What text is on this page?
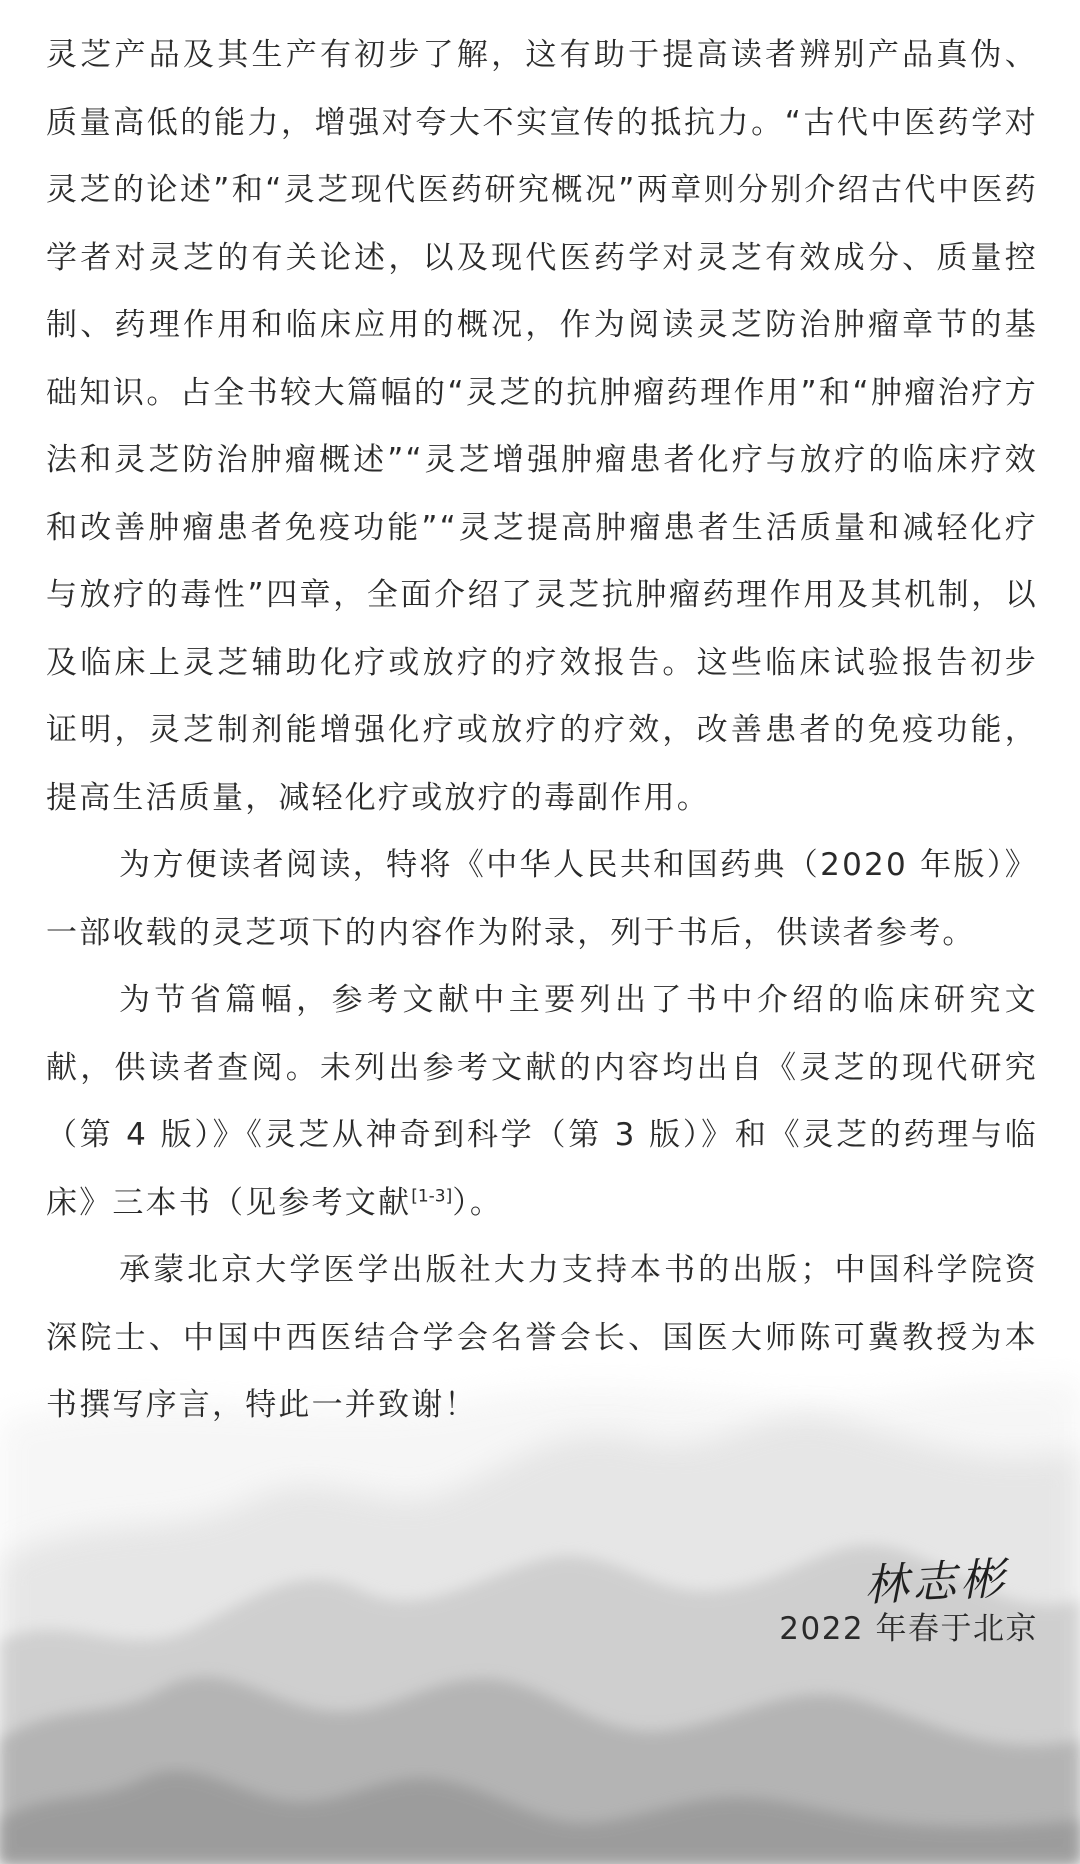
灵芝产品及其生产有初步了解，这有助于提高读者辨别产品真伪、质量高低的能力，增强对夸大不实宣传的抵抗力。“古代中医药学对灵芝的论述”和“灵芝现代医药研究概况”两章则分别介绍古代中医药学者对灵芝的有关论述，以及现代医药学对灵芝有效成分、质量控制、药理作用和临床应用的概况，作为阅读灵芝防治肿瘤章节的基础知识。占全书较大篇幅的“灵芝的抗肿瘤药理作用”和“肿瘤治疗方法和灵芝防治肿瘤概述”“灵芝增强肿瘤患者化疗与放疗的临床疗效和改善肿瘤患者免疫功能”“灵芝提高肿瘤患者生活质量和减轻化疗与放疗的毒性”四章，全面介绍了灵芝抗肿瘤药理作用及其机制，以及临床上灵芝辅助化疗或放疗的疗效报告。这些临床试验报告初步证明，灵芝制剂能增强化疗或放疗的疗效，改善患者的免疫功能，提高生活质量，减轻化疗或放疗的毒副作用。

为方便读者阅读，特将《中华人民共和国药典（2020 年版）》一部收载的灵芝项下的内容作为附录，列于书后，供读者参考。

为节省篇幅，参考文献中主要列出了书中介绍的临床研究文献，供读者查阅。未列出参考文献的内容均出自《灵芝的现代研究（第 4 版）》《灵芝从神奇到科学（第 3 版）》和《灵芝的药理与临床》三本书（见参考文献[1-3]）。

承蒙北京大学医学出版社大力支持本书的出版；中国科学院资深院士、中国中西医结合学会名誉会长、国医大师陈可冀教授为本书撰写序言，特此一并致谢！

林志彬
2022 年春于北京
